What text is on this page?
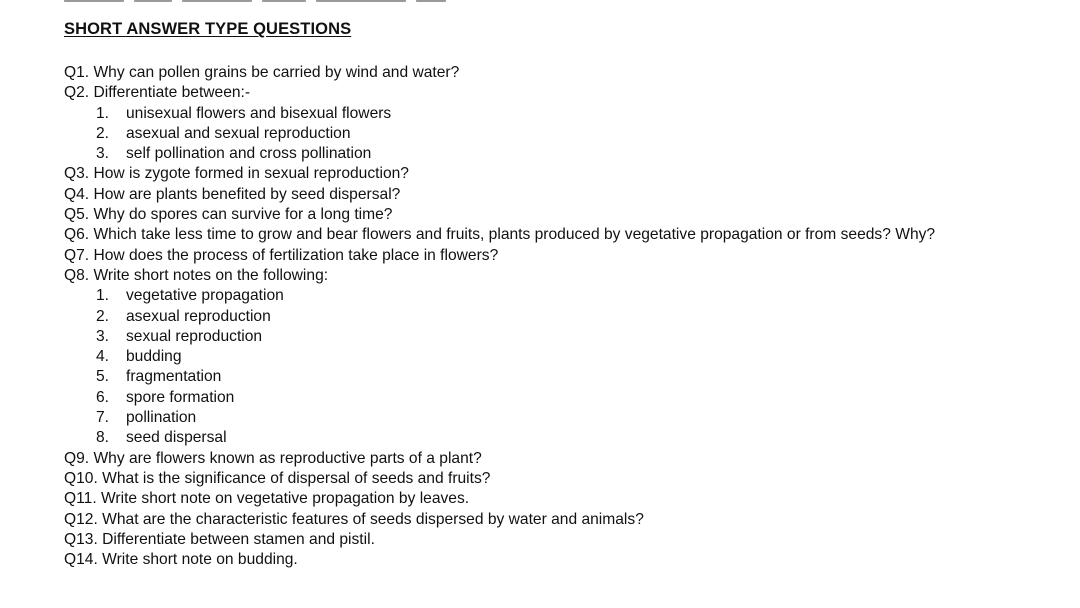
SHORT ANSWER TYPE QUESTIONS
Q1. Why can pollen grains be carried by wind and water?
Q2. Differentiate between:-
1. unisexual flowers and bisexual flowers
2. asexual and sexual reproduction
3. self pollination and cross pollination
Q3. How is zygote formed in sexual reproduction?
Q4. How are plants benefited by seed dispersal?
Q5. Why do spores can survive for a long time?
Q6. Which take less time to grow and bear flowers and fruits, plants produced by vegetative propagation or from seeds? Why?
Q7. How does the process of fertilization take place in flowers?
Q8. Write short notes on the following:
1. vegetative propagation
2. asexual reproduction
3. sexual reproduction
4. budding
5. fragmentation
6. spore formation
7. pollination
8. seed dispersal
Q9. Why are flowers known as reproductive parts of a plant?
Q10. What is the significance of dispersal of seeds and fruits?
Q11. Write short note on vegetative propagation by leaves.
Q12. What are the characteristic features of seeds dispersed by water and animals?
Q13. Differentiate between stamen and pistil.
Q14. Write short note on budding.
